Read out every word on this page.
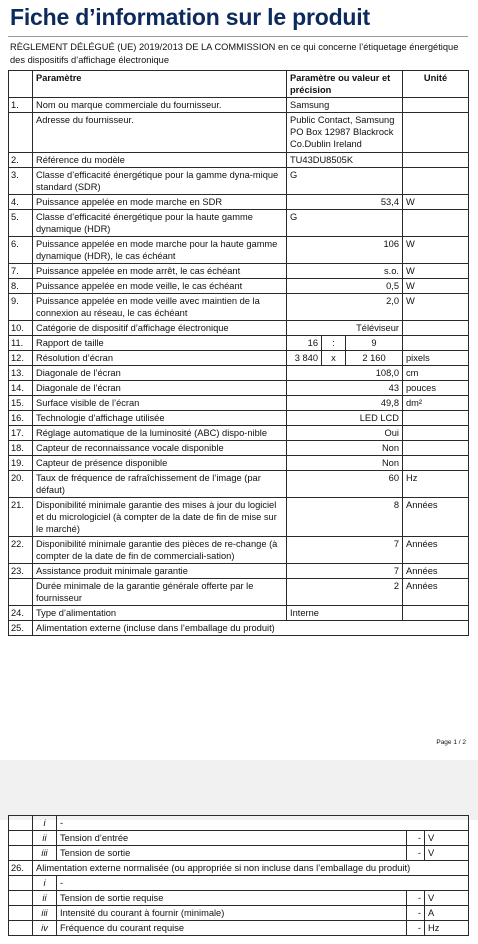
Fiche d’information sur le produit
RÈGLEMENT DÉLÉGUÉ (UE) 2019/2013 DE LA COMMISSION en ce qui concerne l’étiquetage énergétique des dispositifs d’affichage électronique
	Paramètre	Paramètre ou valeur et précision			Unité
1.	Nom ou marque commerciale du fournisseur.	Samsung			
	Adresse du fournisseur.	Public Contact, Samsung PO Box 12987 Blackrock Co.Dublin Ireland			
2.	Référence du modèle	TU43DU8505K			
3.	Classe d’efficacité énergétique pour la gamme dyna-mique standard (SDR)	G			
4.	Puissance appelée en mode marche en SDR	53,4			W
5.	Classe d’efficacité énergétique pour la haute gamme dynamique (HDR)	G			
6.	Puissance appelée en mode marche pour la haute gamme dynamique (HDR), le cas échéant	106			W
7.	Puissance appelée en mode arrêt, le cas échéant	s.o.			W
8.	Puissance appelée en mode veille, le cas échéant	0,5			W
9.	Puissance appelée en mode veille avec maintien de la connexion au réseau, le cas échéant	2,0			W
10.	Catégorie de dispositif d’affichage électronique	Téléviseur			
11.	Rapport de taille	16	:	9	
12.	Résolution d’écran	3 840	x	2 160	pixels
13.	Diagonale de l’écran	108,0			cm
14.	Diagonale de l’écran	43			pouces
15.	Surface visible de l’écran	49,8			dm²
16.	Technologie d’affichage utilisée	LED LCD			
17.	Réglage automatique de la luminosité (ABC) dispo-nible	Oui			
18.	Capteur de reconnaissance vocale disponible	Non			
19.	Capteur de présence disponible	Non			
20.	Taux de fréquence de rafraîchissement de l’image (par défaut)	60			Hz
21.	Disponibilité minimale garantie des mises à jour du logiciel et du micrologiciel (à compter de la date de fin de mise sur le marché)	8			Années
22.	Disponibilité minimale garantie des pièces de re-change (à compter de la date de fin de commerciali-sation)	7			Années
23.	Assistance produit minimale garantie	7			Années
	Durée minimale de la garantie générale offerte par le fournisseur	2			Années
24.	Type d’alimentation	Interne			
25.	Alimentation externe (incluse dans l’emballage du produit)				
Page 1 / 2
	i	-		
	ii	Tension d’entrée	-	V
	iii	Tension de sortie	-	V
26.	Alimentation externe normalisée (ou appropriée si non incluse dans l’emballage du produit)			
	i	-		
	ii	Tension de sortie requise	-	V
	iii	Intensité du courant à fournir (minimale)	-	A
	iv	Fréquence du courant requise	-	Hz
